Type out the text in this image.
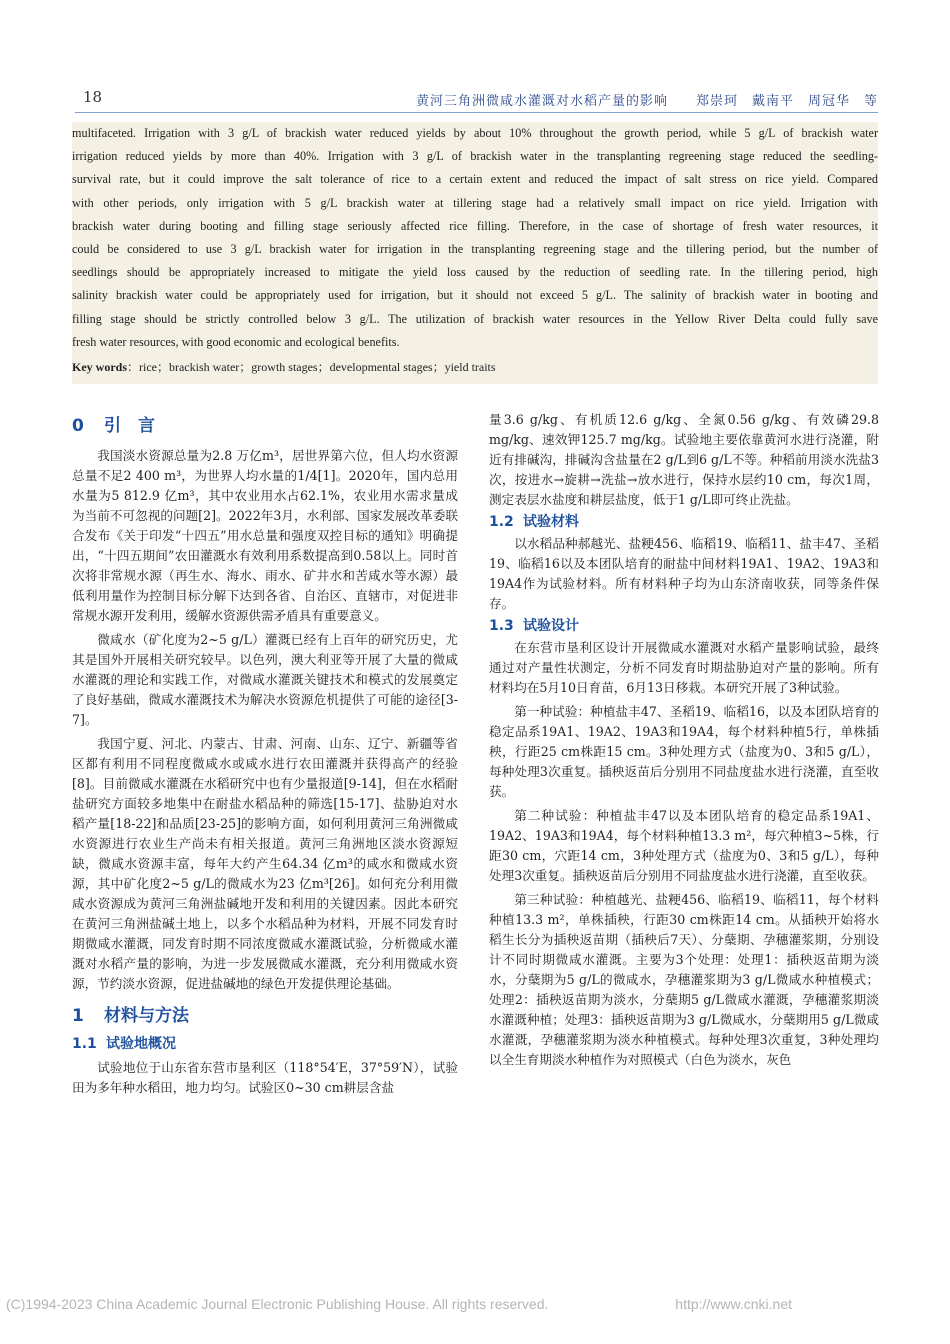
18	黄河三角洲微咸水灌溉对水稻产量的影响　　郑崇珂　戴南平　周冠华　等
multifaceted. Irrigation with 3 g/L of brackish water reduced yields by about 10% throughout the growth period, while 5 g/L of brackish water
irrigation reduced yields by more than 40%. Irrigation with 3 g/L of brackish water in the transplanting regreening stage reduced the seedling-
survival rate, but it could improve the salt tolerance of rice to a certain extent and reduced the impact of salt stress on rice yield. Compared
with other periods, only irrigation with 5 g/L brackish water at tillering stage had a relatively small impact on rice yield. Irrigation with
brackish water during booting and filling stage seriously affected rice filling. Therefore, in the case of shortage of fresh water resources, it
could be considered to use 3 g/L brackish water for irrigation in the transplanting regreening stage and the tillering period, but the number of
seedlings should be appropriately increased to mitigate the yield loss caused by the reduction of seedling rate. In the tillering period, high
salinity brackish water could be appropriately used for irrigation, but it should not exceed 5 g/L. The salinity of brackish water in booting and
filling stage should be strictly controlled below 3 g/L. The utilization of brackish water resources in the Yellow River Delta could fully save
fresh water resources, with good economic and ecological benefits.
Key words：rice；brackish water；growth stages；developmental stages；yield traits
0 引　言
我国淡水资源总量为2.8 万亿m³，居世界第六位，但人均水资源总量不足2 400 m³，为世界人均水量的1/4[1]。2020年，国内总用水量为5 812.9 亿m³，其中农业用水占62.1%，农业用水需求量成为当前不可忽视的问题[2]。2022年3月，水利部、国家发展改革委联合发布《关于印发“十四五”用水总量和强度双控目标的通知》明确提出，“十四五期间”农田灌溉水有效利用系数提高到0.58以上。同时首次将非常规水源（再生水、海水、雨水、矿井水和苦咸水等水源）最低利用量作为控制目标分解下达到各省、自治区、直辖市，对促进非常规水源开发利用，缓解水资源供需矛盾具有重要意义。
微咸水（矿化度为2~5 g/L）灌溉已经有上百年的研究历史，尤其是国外开展相关研究较早。以色列，澳大利亚等开展了大量的微咸水灌溉的理论和实践工作，对微咸水灌溉关键技术和模式的发展奠定了良好基础，微咸水灌溉技术为解决水资源危机提供了可能的途径[3-7]。
我国宁夏、河北、内蒙古、甘肃、河南、山东、辽宁、新疆等省区都有利用不同程度微咸水或咸水进行农田灌溉并获得高产的经验[8]。目前微咸水灌溉在水稻研究中也有少量报道[9-14]，但在水稻耐盐研究方面较多地集中在耐盐水稻品种的筛选[15-17]、盐胁迫对水稻产量[18-22]和品质[23-25]的影响方面，如何利用黄河三角洲微咸水资源进行农业生产尚未有相关报道。黄河三角洲地区淡水资源短缺，微咸水资源丰富，每年大约产生64.34 亿m³的咸水和微咸水资源，其中矿化度2~5 g/L的微咸水为23 亿m³[26]。如何充分利用微咸水资源成为黄河三角洲盐碱地开发和利用的关键因素。因此本研究在黄河三角洲盐碱土地上，以多个水稻品种为材料，开展不同发育时期微咸水灌溉，同发育时期不同浓度微咸水灌溉试验，分析微咸水灌溉对水稻产量的影响，为进一步发展微咸水灌溉，充分利用微咸水资源，节约淡水资源，促进盐碱地的绿色开发提供理论基础。
1 材料与方法
1.1 试验地概况
试验地位于山东省东营市垦利区（118°54′E，37°59′N），试验田为多年种水稻田，地力均匀。试验区0~30 cm耕层含盐
量3.6 g/kg、有机质12.6 g/kg、全氮0.56 g/kg、有效磷29.8 mg/kg、速效钾125.7 mg/kg。试验地主要依靠黄河水进行浇灌，附近有排碱沟，排碱沟含盐量在2 g/L到6 g/L不等。种稻前用淡水洗盐3次，按进水→旋耕→洗盐→放水进行，保持水层约10 cm，每次1周，测定表层水盐度和耕层盐度，低于1 g/L即可终止洗盐。
1.2 试验材料
以水稻品种郝越光、盐粳456、临稻19、临稻11、盐丰47、圣稻19、临稻16以及本团队培育的耐盐中间材料19A1、19A2、19A3和19A4作为试验材料。所有材料种子均为山东济南收获，同等条件保存。
1.3 试验设计
在东营市垦利区设计开展微咸水灌溉对水稻产量影响试验，最终通过对产量性状测定，分析不同发育时期盐胁迫对产量的影响。所有材料均在5月10日育苗，6月13日移栽。本研究开展了3种试验。
第一种试验：种植盐丰47、圣稻19、临稻16，以及本团队培育的稳定品系19A1、19A2、19A3和19A4，每个材料种植5行，单株插秧，行距25 cm株距15 cm。3种处理方式（盐度为0、3和5 g/L），每种处理3次重复。插秧返苗后分别用不同盐度盐水进行浇灌，直至收获。
第二种试验：种植盐丰47以及本团队培育的稳定品系19A1、19A2、19A3和19A4，每个材料种植13.3 m²，每穴种植3~5株，行距30 cm，穴距14 cm，3种处理方式（盐度为0、3和5 g/L），每种处理3次重复。插秧返苗后分别用不同盐度盐水进行浇灌，直至收获。
第三种试验：种植越光、盐粳456、临稻19、临稻11，每个材料种植13.3 m²，单株插秧，行距30 cm株距14 cm。从插秧开始将水稻生长分为插秧返苗期（插秧后7天）、分蘖期、孕穗灌浆期，分别设计不同时期微咸水灌溉。主要为3个处理：处理1：插秧返苗期为淡水，分蘖期为5 g/L的微咸水，孕穗灌浆期为3 g/L微咸水种植模式；处理2：插秧返苗期为淡水，分蘖期5 g/L微咸水灌溉，孕穗灌浆期淡水灌溉种植；处理3：插秧返苗期为3 g/L微咸水，分蘖期用5 g/L微咸水灌溉，孕穗灌浆期为淡水种植模式。每种处理3次重复，3种处理均以全生育期淡水种植作为对照模式（白色为淡水，灰色
(C)1994-2023 China Academic Journal Electronic Publishing House. All rights reserved.	http://www.cnki.net
